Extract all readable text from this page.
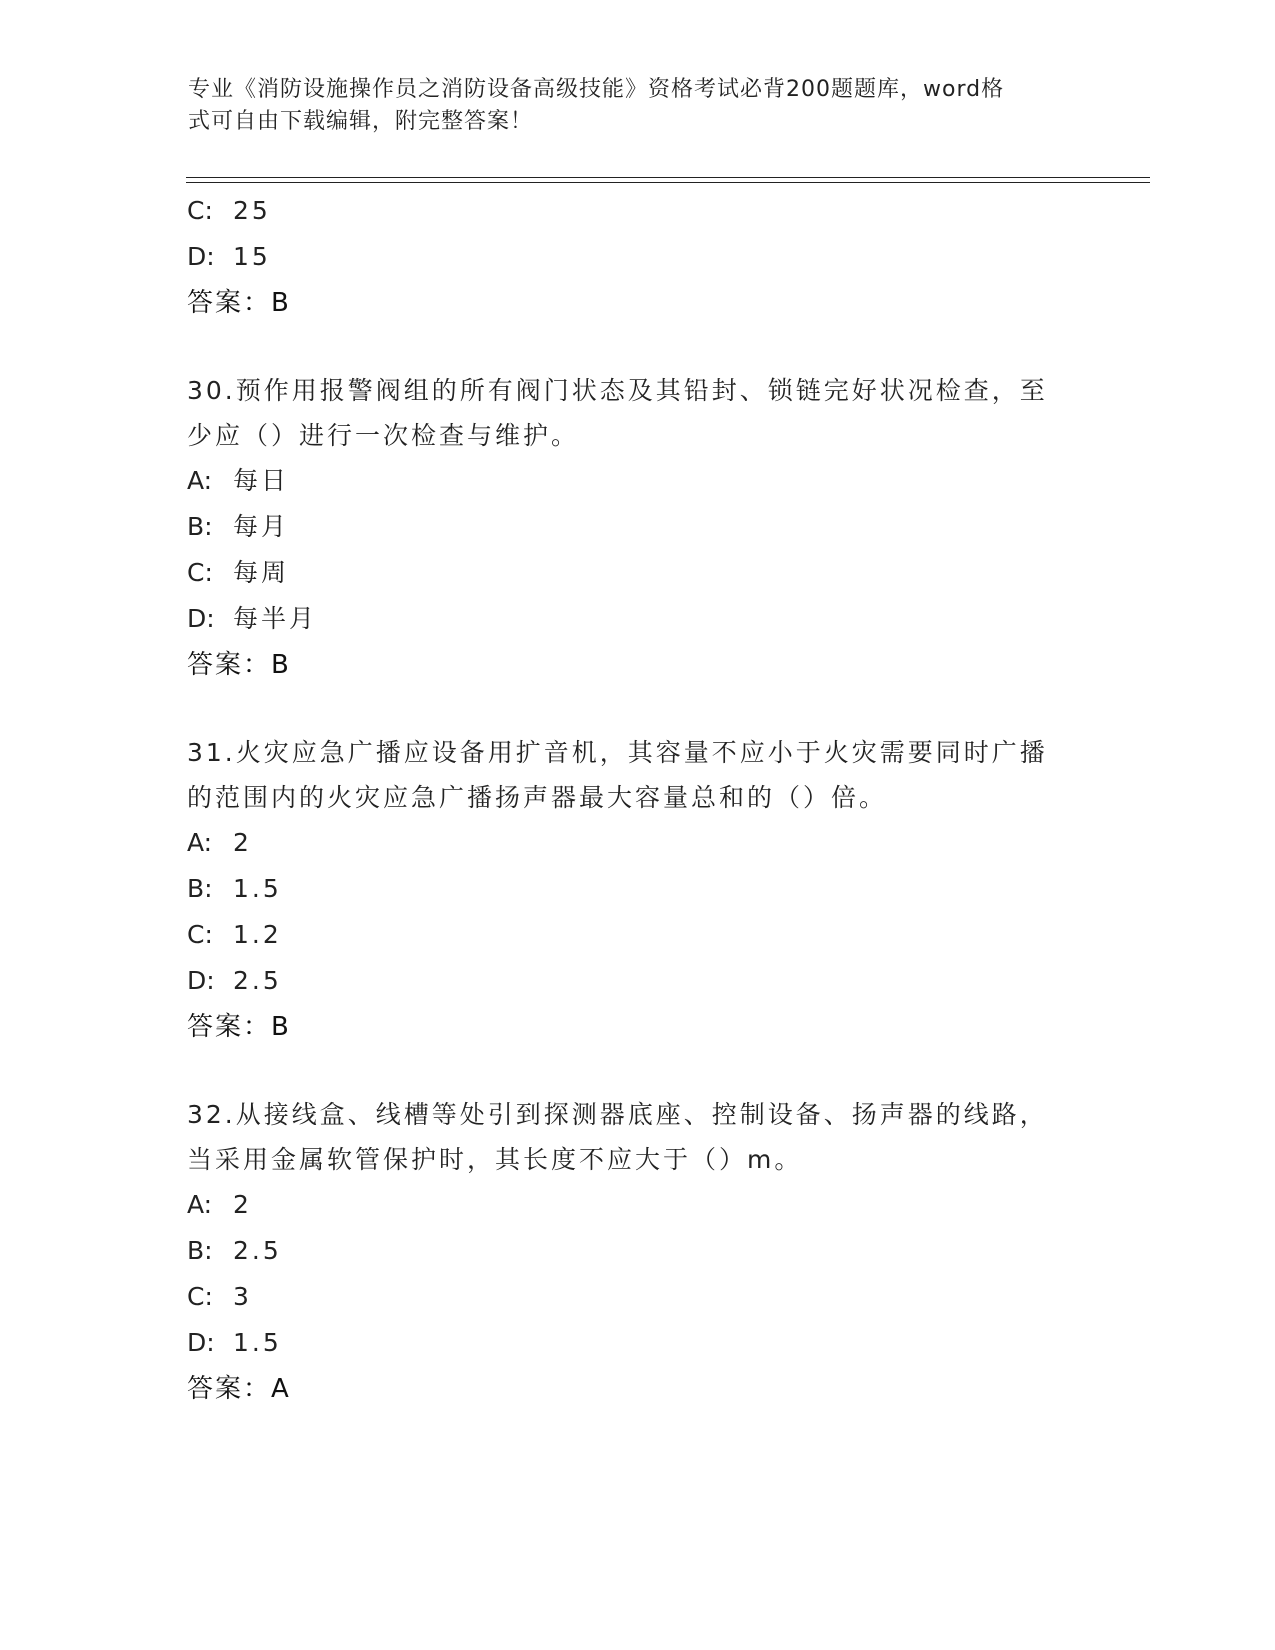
专业《消防设施操作员之消防设备高级技能》资格考试必背200题题库，word格
式可自由下载编辑，附完整答案！
C: 25
D: 15
答案：B
30.预作用报警阀组的所有阀门状态及其铅封、锁链完好状况检查，至
少应（）进行一次检查与维护。
A: 每日
B: 每月
C: 每周
D: 每半月
答案：B
31.火灾应急广播应设备用扩音机，其容量不应小于火灾需要同时广播
的范围内的火灾应急广播扬声器最大容量总和的（）倍。
A: 2
B: 1.5
C: 1.2
D: 2.5
答案：B
32.从接线盒、线槽等处引到探测器底座、控制设备、扬声器的线路，
当采用金属软管保护时，其长度不应大于（）m。
A: 2
B: 2.5
C: 3
D: 1.5
答案：A
